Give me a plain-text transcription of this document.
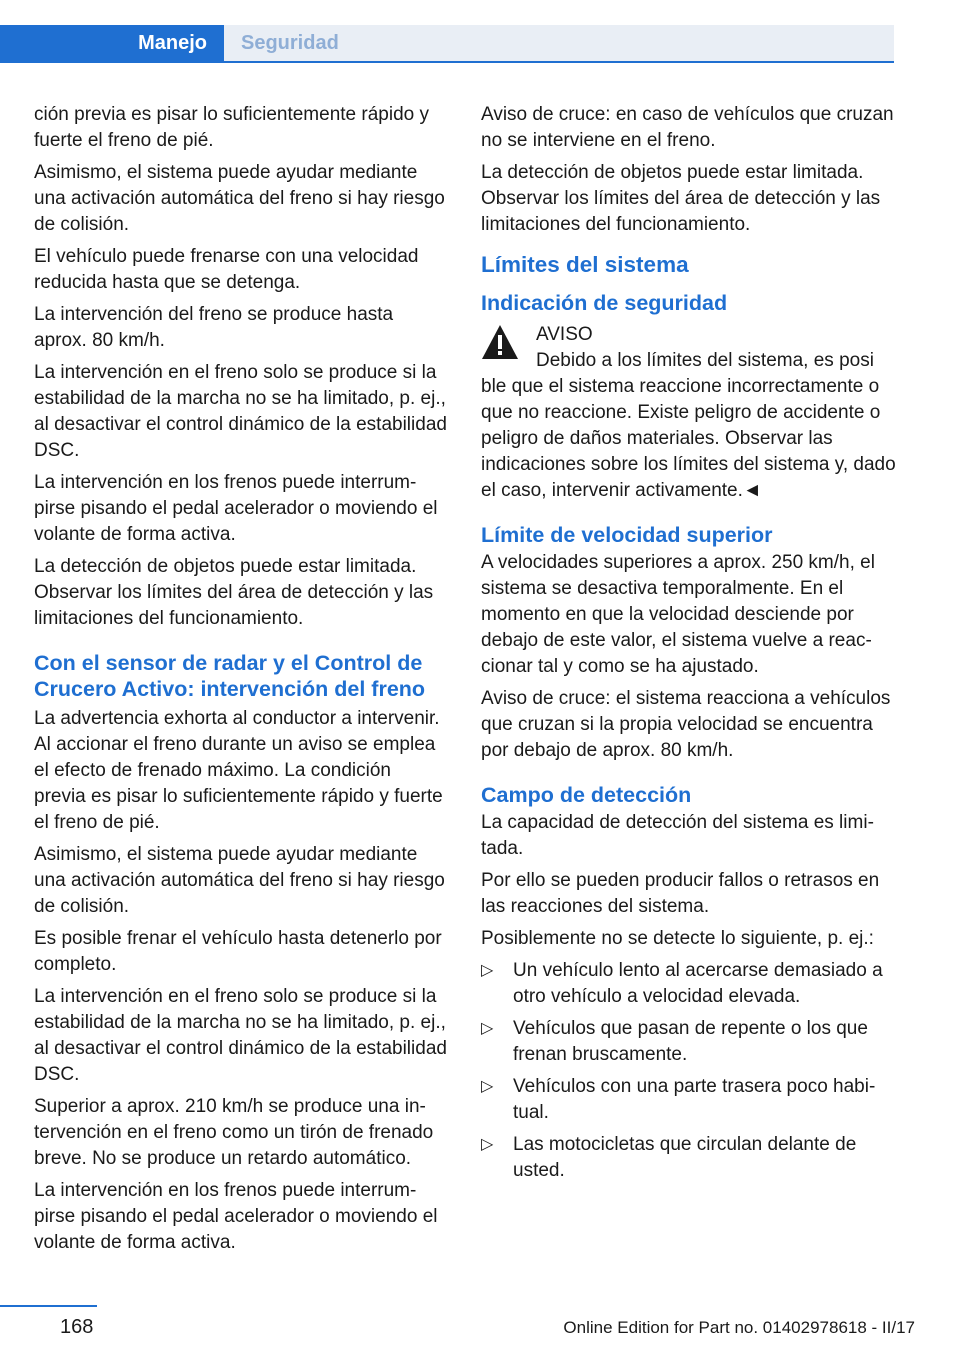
Manejo	Seguridad

ción previa es pisar lo suficientemente rápido y fuerte el freno de pié.

Asimismo, el sistema puede ayudar mediante una activación automática del freno si hay riesgo de colisión.

El vehículo puede frenarse con una velocidad reducida hasta que se detenga.

La intervención del freno se produce hasta aprox. 80 km/h.

La intervención en el freno solo se produce si la estabilidad de la marcha no se ha limitado, p. ej., al desactivar el control dinámico de la estabilidad DSC.

La intervención en los frenos puede interrumpirse pisando el pedal acelerador o moviendo el volante de forma activa.

La detección de objetos puede estar limitada. Observar los límites del área de detección y las limitaciones del funcionamiento.

Con el sensor de radar y el Control de Crucero Activo: intervención del freno

La advertencia exhorta al conductor a intervenir. Al accionar el freno durante un aviso se emplea el efecto de frenado máximo. La condición previa es pisar lo suficientemente rápido y fuerte el freno de pié.

Asimismo, el sistema puede ayudar mediante una activación automática del freno si hay riesgo de colisión.

Es posible frenar el vehículo hasta detenerlo por completo.

La intervención en el freno solo se produce si la estabilidad de la marcha no se ha limitado, p. ej., al desactivar el control dinámico de la estabilidad DSC.

Superior a aprox. 210 km/h se produce una intervención en el freno como un tirón de frenado breve. No se produce un retardo automático.

La intervención en los frenos puede interrumpirse pisando el pedal acelerador o moviendo el volante de forma activa.

Aviso de cruce: en caso de vehículos que cruzan no se interviene en el freno.

La detección de objetos puede estar limitada. Observar los límites del área de detección y las limitaciones del funcionamiento.

Límites del sistema
Indicación de seguridad
AVISO
Debido a los límites del sistema, es posi

ble que el sistema reaccione incorrectamente o que no reaccione. Existe peligro de accidente o peligro de daños materiales. Observar las indicaciones sobre los límites del sistema y, dado el caso, intervenir activamente.◄

Límite de velocidad superior

A velocidades superiores a aprox. 250 km/h, el sistema se desactiva temporalmente. En el momento en que la velocidad desciende por debajo de este valor, el sistema vuelve a reaccionar tal y como se ha ajustado.

Aviso de cruce: el sistema reacciona a vehículos que cruzan si la propia velocidad se encuentra por debajo de aprox. 80 km/h.

Campo de detección

La capacidad de detección del sistema es limitada.

Por ello se pueden producir fallos o retrasos en las reacciones del sistema.

Posiblemente no se detecte lo siguiente, p. ej.:

▷ Un vehículo lento al acercarse demasiado a otro vehículo a velocidad elevada.
▷ Vehículos que pasan de repente o los que frenan bruscamente.
▷ Vehículos con una parte trasera poco habitual.
▷ Las motocicletas que circulan delante de usted.
168	Online Edition for Part no. 01402978618 - II/17
